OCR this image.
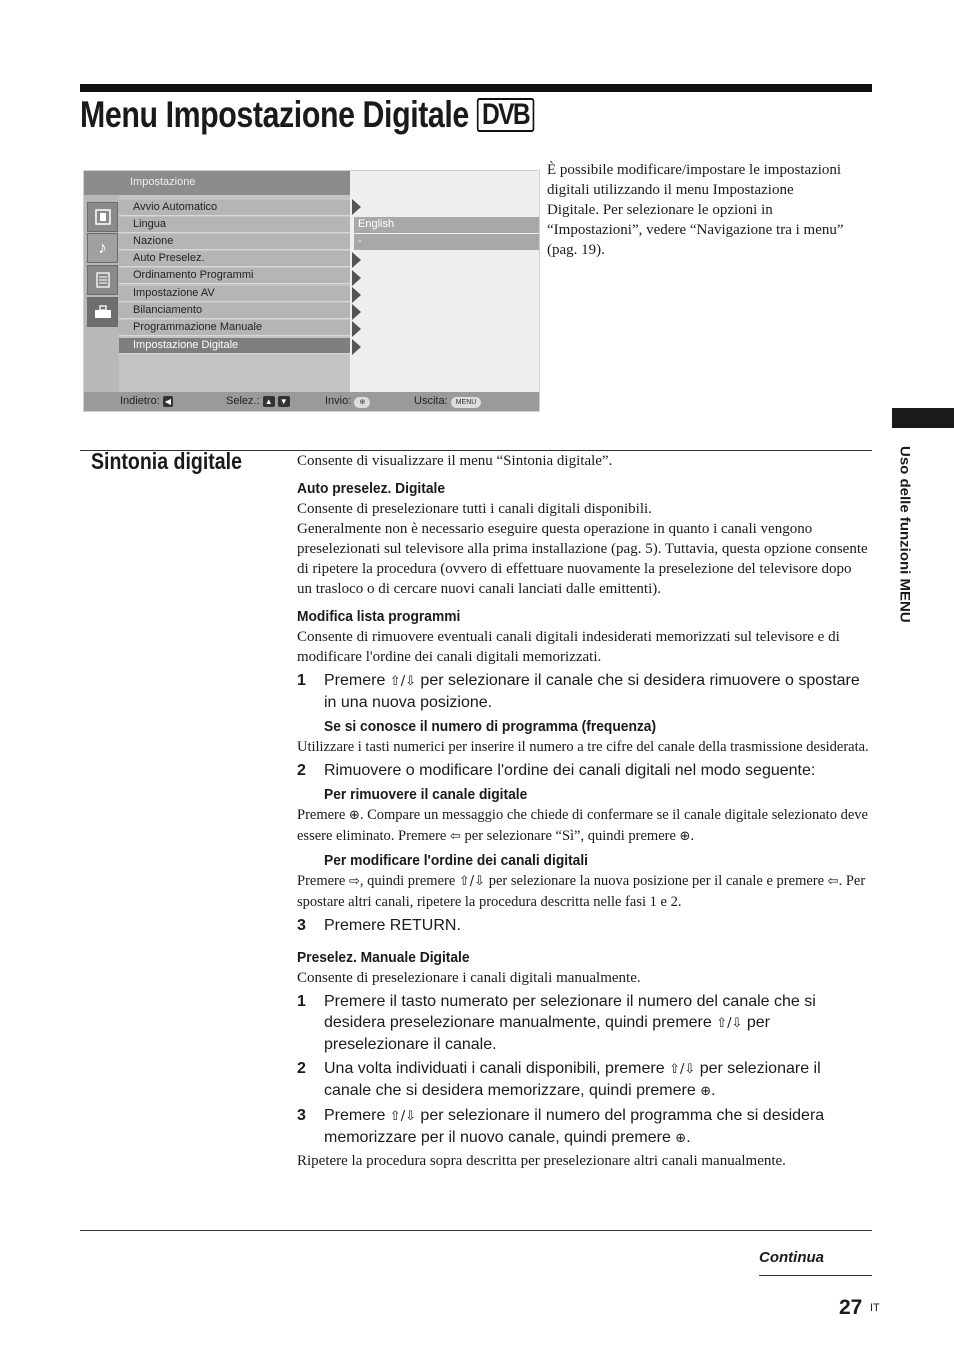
Menu Impostazione Digitale DVB
Impostazione
♪
Avvio Automatico
Lingua
Nazione
Auto Preselez.
Ordinamento Programmi
Impostazione AV
Bilanciamento
Programmazione Manuale
Impostazione Digitale
English
-
Indietro: ◀	Selez.: ▲ ▼	Invio: ⊕	Uscita: MENU

È possibile modificare/impostare le impostazioni digitali utilizzando il menu Impostazione Digitale. Per selezionare le opzioni in “Impostazioni”, vedere “Navigazione tra i menu” (pag. 19).

Uso delle funzioni MENU
Sintonia digitale	Consente di visualizzare il menu “Sintonia digitale”.

Auto preselez. Digitale

Consente di preselezionare tutti i canali digitali disponibili.

Generalmente non è necessario eseguire questa operazione in quanto i canali vengono preselezionati sul televisore alla prima installazione (pag. 5). Tuttavia, questa opzione consente di ripetere la procedura (ovvero di effettuare nuovamente la preselezione del televisore dopo un trasloco o di cercare nuovi canali lanciati dalle emittenti).

Modifica lista programmi

Consente di rimuovere eventuali canali digitali indesiderati memorizzati sul televisore e di modificare l'ordine dei canali digitali memorizzati.

1 Premere ⇧/⇩ per selezionare il canale che si desidera rimuovere o spostare in una nuova posizione.
Se si conosce il numero di programma (frequenza)

Utilizzare i tasti numerici per inserire il numero a tre cifre del canale della trasmissione desiderata.

2 Rimuovere o modificare l'ordine dei canali digitali nel modo seguente:
Per rimuovere il canale digitale

Premere ⊕. Compare un messaggio che chiede di confermare se il canale digitale selezionato deve essere eliminato. Premere ⇦ per selezionare “Sì”, quindi premere ⊕.

Per modificare l'ordine dei canali digitali

Premere ⇨, quindi premere ⇧/⇩ per selezionare la nuova posizione per il canale e premere ⇦. Per spostare altri canali, ripetere la procedura descritta nelle fasi 1 e 2.

3 Premere RETURN.
Preselez. Manuale Digitale

Consente di preselezionare i canali digitali manualmente.

1 Premere il tasto numerato per selezionare il numero del canale che si desidera preselezionare manualmente, quindi premere ⇧/⇩ per preselezionare il canale.
2 Una volta individuati i canali disponibili, premere ⇧/⇩ per selezionare il canale che si desidera memorizzare, quindi premere ⊕.
3 Premere ⇧/⇩ per selezionare il numero del programma che si desidera memorizzare per il nuovo canale, quindi premere ⊕.

Ripetere la procedura sopra descritta per preselezionare altri canali manualmente.

Continua
27 IT
